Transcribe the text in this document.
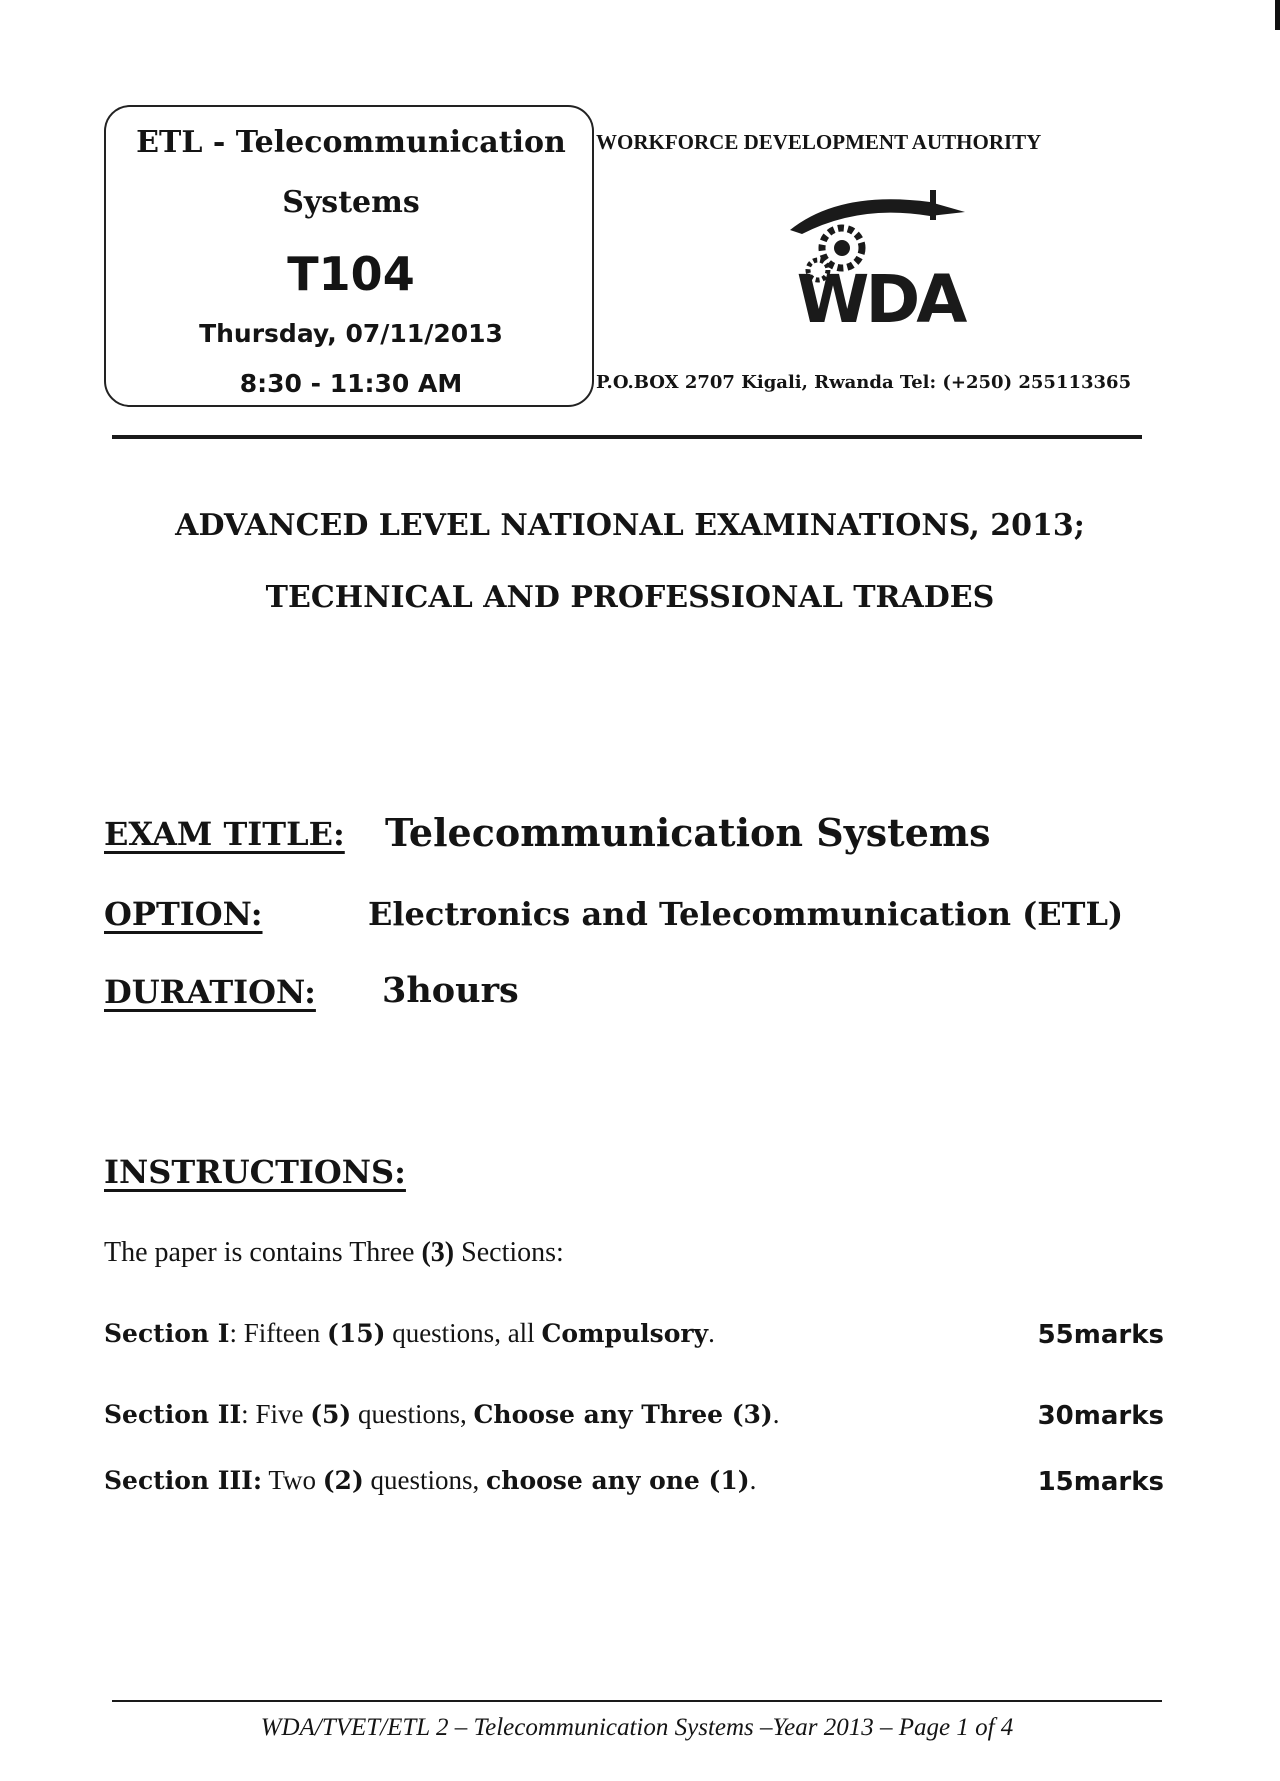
ETL - Telecommunication
Systems
T104
Thursday, 07/11/2013
8:30 - 11:30 AM
WORKFORCE DEVELOPMENT AUTHORITY
WDA
P.O.BOX 2707 Kigali, Rwanda Tel: (+250) 255113365
ADVANCED LEVEL NATIONAL EXAMINATIONS, 2013;
TECHNICAL AND PROFESSIONAL TRADES
EXAM TITLE: Telecommunication Systems
OPTION:	Electronics and Telecommunication (ETL)
DURATION: 3hours
INSTRUCTIONS:
The paper is contains Three (3) Sections:
Section I: Fifteen (15) questions, all Compulsory.	55marks
Section II: Five (5) questions, Choose any Three (3).	30marks
Section III: Two (2) questions, choose any one (1).	15marks
WDA/TVET/ETL 2 – Telecommunication Systems –Year 2013 – Page 1 of 4
